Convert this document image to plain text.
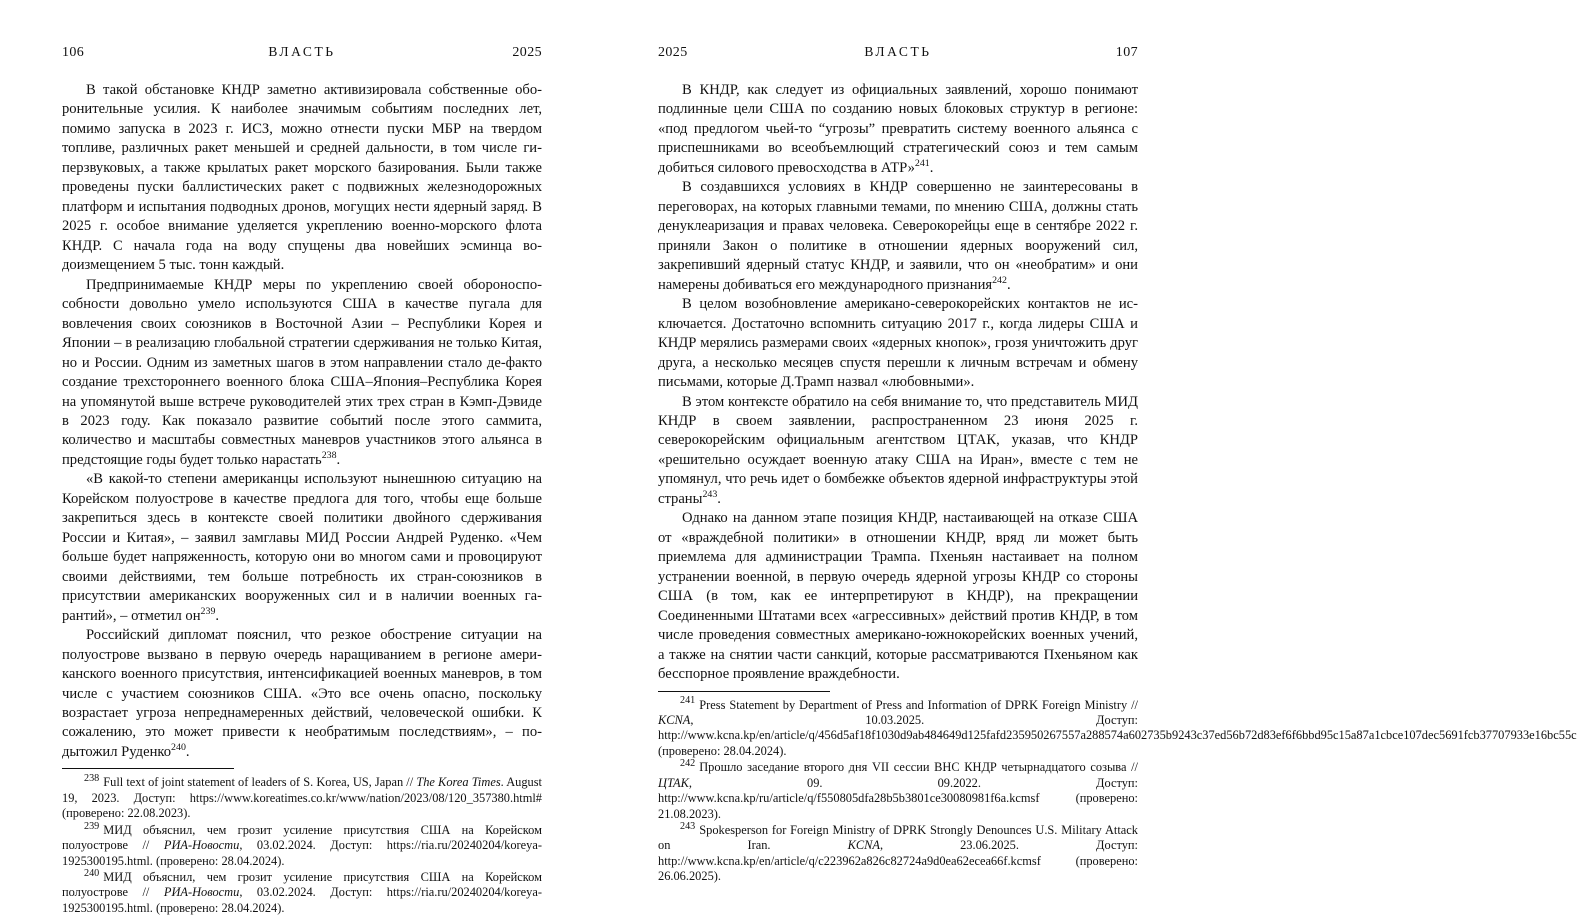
106	ВЛАСТЬ	2025

В такой обстановке КНДР заметно активизировала собственные оборонительные усилия. К наиболее значимым событиям последних лет, помимо запуска в 2023 г. ИСЗ, можно отнести пуски МБР на твердом топливе, различных ракет меньшей и средней дальности, в том числе гиперзвуковых, а также крылатых ракет морского базирования. Были также проведены пуски баллистических ракет с подвижных железнодорожных платформ и испытания подводных дронов, могущих нести ядерный заряд. В 2025 г. особое внимание уделяется укреплению военно-морского флота КНДР. С начала года на воду спущены два новейших эсминца водоизмещением 5 тыс. тонн каждый.

Предпринимаемые КНДР меры по укреплению своей обороноспособности довольно умело используются США в качестве пугала для вовлечения своих союзников в Восточной Азии – Республики Корея и Японии – в реализацию глобальной стратегии сдерживания не только Китая, но и России. Одним из заметных шагов в этом направлении стало де-факто создание трехстороннего военного блока США–Япония–Республика Корея на упомянутой выше встрече руководителей этих трех стран в Кэмп-Дэвиде в 2023 году. Как показало развитие событий после этого саммита, количество и масштабы совместных маневров участников этого альянса в предстоящие годы будет только нарастать$^{238}$.

«В какой-то степени американцы используют нынешнюю ситуацию на Корейском полуострове в качестве предлога для того, чтобы еще больше закрепиться здесь в контексте своей политики двойного сдерживания России и Китая», – заявил замглавы МИД России Андрей Руденко. «Чем больше будет напряженность, которую они во многом сами и провоцируют своими действиями, тем больше потребность их стран-союзников в присутствии американских вооруженных сил и в наличии военных гарантий», – отметил $он^{239}$.

Российский дипломат пояснил, что резкое обострение ситуации на полуострове вызвано в первую очередь наращиванием в регионе американского военного присутствия, интенсификацией военных маневров, в том числе с участием союзников США. «Это все очень опасно, поскольку возрастает угроза непреднамеренных действий, человеческой ошибки. К сожалению, это может привести к необратимым последствиям», – подытожил Руденко$^{240}$.

$^{238}$ Full text of joint statement of leaders of S. Korea, US, Japan // The Korea Times. August 19, 2023. Доступ: https://www.koreatimes.co.kr/www/nation/2023/08/120_357380.html# (проверено: 22.08.2023).

$^{239}$ МИД объяснил, чем грозит усиление присутствия США на Корейском полуострове // РИА-Новости, 03.02.2024. Доступ: https://ria.ru/20240204/koreya-1925300195.html. (проверено: 28.04.2024).

$^{240}$ МИД объяснил, чем грозит усиление присутствия США на Корейском полуострове // РИА-Новости, 03.02.2024. Доступ: https://ria.ru/20240204/koreya-1925300195.html. (проверено: 28.04.2024).

2025	ВЛАСТЬ	107

В КНДР, как следует из официальных заявлений, хорошо понимают подлинные цели США по созданию новых блоковых структур в регионе: «под предлогом чьей-то “угрозы” превратить систему военного альянса с приспешниками во всеобъемлющий стратегический союз и тем самым добиться силового превосходства в АТР»$^{241}$.

В создавшихся условиях в КНДР совершенно не заинтересованы в переговорах, на которых главными темами, по мнению США, должны стать денуклеаризация и правах человека. Северокорейцы еще в сентябре 2022 г. приняли Закон о политике в отношении ядерных вооружений сил, закрепивший ядерный статус КНДР, и заявили, что он «необратим» и они намерены добиваться его международного признания$^{242}$.

В целом возобновление американо-северокорейских контактов не исключается. Достаточно вспомнить ситуацию 2017 г., когда лидеры США и КНДР мерялись размерами своих «ядерных кнопок», грозя уничтожить друг друга, а несколько месяцев спустя перешли к личным встречам и обмену письмами, которые Д.Трамп назвал «любовными».

В этом контексте обратило на себя внимание то, что представитель МИД КНДР в своем заявлении, распространенном 23 июня 2025 г. северокорейским официальным агентством ЦТАК, указав, что КНДР «решительно осуждает военную атаку США на Иран», вместе с тем не упомянул, что речь идет о бомбежке объектов ядерной инфраструктуры этой страны$^{243}$.

Однако на данном этапе позиция КНДР, настаивающей на отказе США от «враждебной политики» в отношении КНДР, вряд ли может быть приемлема для администрации Трампа. Пхеньян настаивает на полном устранении военной, в первую очередь ядерной угрозы КНДР со стороны США (в том, как ее интерпретируют в КНДР), на прекращении Соединенными Штатами всех «агрессивных» действий против КНДР, в том числе проведения совместных американо-южнокорейских военных учений, а также на снятии части санкций, которые рассматриваются Пхеньяном как бесспорное проявление враждебности.

$^{241}$ Press Statement by Department of Press and Information of DPRK Foreign Ministry // KCNA, 10.03.2025. Доступ: http://www.kcna.kp/en/article/q/456d5af18f1030d9ab484649d125fafd235950267557a288574a602735b9243c37ed56b72d83ef6f6bbd95c15a87a1cbce107dec5691fcb37707933e16bc55c (проверено: 28.04.2024).

$^{242}$ Прошло заседание второго дня VII сессии ВНС КНДР четырнадцатого созыва // ЦТАК, 09. 09.2022. Доступ: http://www.kcna.kp/ru/article/q/f550805dfa28b5b3801ce30080981f6a.kcmsf (проверено: 21.08.2023).

$^{243}$ Spokesperson for Foreign Ministry of DPRK Strongly Denounces U.S. Military Attack on Iran. KCNA, 23.06.2025. Доступ: http://www.kcna.kp/en/article/q/c223962a826c82724a9d0ea62ecea66f.kcmsf (проверено: 26.06.2025).
